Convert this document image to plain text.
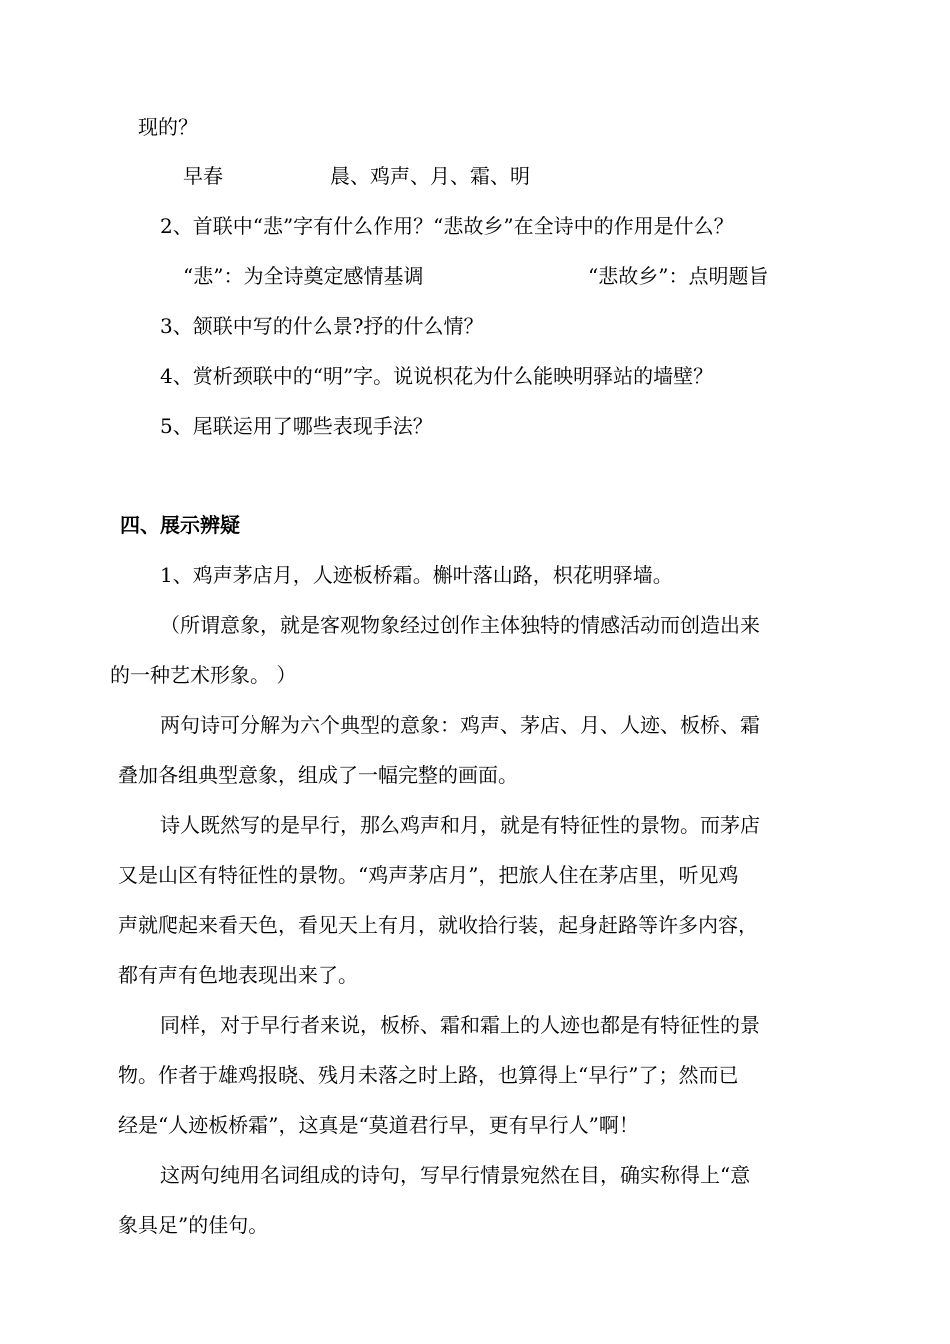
现的？

早春	晨、鸡声、月、霜、明

2、首联中“悲”字有什么作用？“悲故乡”在全诗中的作用是什么？

“悲”：为全诗奠定感情基调	“悲故乡”：点明题旨

3、颔联中写的什么景?抒的什么情？

4、赏析颈联中的“明”字。说说枳花为什么能映明驿站的墙壁？

5、尾联运用了哪些表现手法？

四、展示辨疑

1、鸡声茅店月，人迹板桥霜。槲叶落山路，枳花明驿墙。

（所谓意象，就是客观物象经过创作主体独特的情感活动而创造出来

的一种艺术形象。 ）

两句诗可分解为六个典型的意象：鸡声、茅店、月、人迹、板桥、霜

叠加各组典型意象，组成了一幅完整的画面。

诗人既然写的是早行，那么鸡声和月，就是有特征性的景物。而茅店

又是山区有特征性的景物。“鸡声茅店月”，把旅人住在茅店里，听见鸡

声就爬起来看天色，看见天上有月，就收拾行装，起身赶路等许多内容，

都有声有色地表现出来了。

同样，对于早行者来说，板桥、霜和霜上的人迹也都是有特征性的景

物。作者于雄鸡报晓、残月未落之时上路，也算得上“早行”了；然而已

经是“人迹板桥霜”，这真是“莫道君行早，更有早行人”啊！

这两句纯用名词组成的诗句，写早行情景宛然在目，确实称得上“意

象具足”的佳句。
